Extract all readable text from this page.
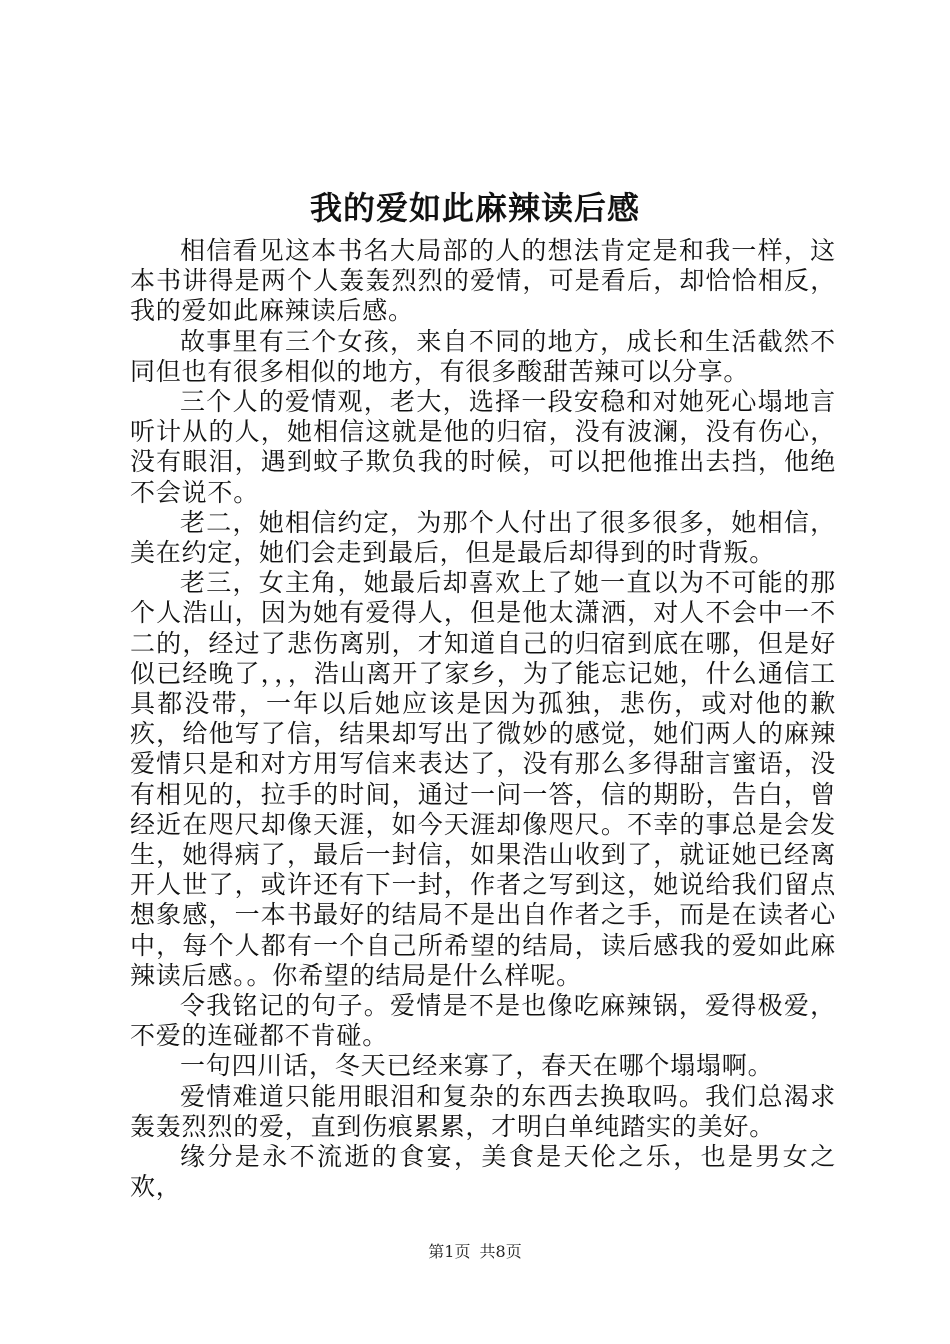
我的爱如此麻辣读后感

相信看见这本书名大局部的人的想法肯定是和我一样，这本书讲得是两个人轰轰烈烈的爱情，可是看后，却恰恰相反，我的爱如此麻辣读后感。

故事里有三个女孩，来自不同的地方，成长和生活截然不同但也有很多相似的地方，有很多酸甜苦辣可以分享。

三个人的爱情观，老大，选择一段安稳和对她死心塌地言听计从的人，她相信这就是他的归宿，没有波澜，没有伤心，没有眼泪，遇到蚊子欺负我的时候，可以把他推出去挡，他绝不会说不。

老二，她相信约定，为那个人付出了很多很多，她相信，美在约定，她们会走到最后，但是最后却得到的时背叛。

老三，女主角，她最后却喜欢上了她一直以为不可能的那个人浩山，因为她有爱得人，但是他太潇洒，对人不会中一不二的，经过了悲伤离别，才知道自己的归宿到底在哪，但是好似已经晚了，，，浩山离开了家乡，为了能忘记她，什么通信工具都没带，一年以后她应该是因为孤独，悲伤，或对他的歉疚，给他写了信，结果却写出了微妙的感觉，她们两人的麻辣爱情只是和对方用写信来表达了，没有那么多得甜言蜜语，没有相见的，拉手的时间，通过一问一答，信的期盼，告白，曾经近在咫尺却像天涯，如今天涯却像咫尺。不幸的事总是会发生，她得病了，最后一封信，如果浩山收到了，就证她已经离开人世了，或许还有下一封，作者之写到这，她说给我们留点想象感，一本书最好的结局不是出自作者之手，而是在读者心中，每个人都有一个自己所希望的结局，读后感我的爱如此麻辣读后感。。你希望的结局是什么样呢。

令我铭记的句子。爱情是不是也像吃麻辣锅，爱得极爱，不爱的连碰都不肯碰。

一句四川话，冬天已经来寡了，春天在哪个塌塌啊。

爱情难道只能用眼泪和复杂的东西去换取吗。我们总渴求轰轰烈烈的爱，直到伤痕累累，才明白单纯踏实的美好。

缘分是永不流逝的食宴，美食是天伦之乐，也是男女之欢，

第1页 共8页
